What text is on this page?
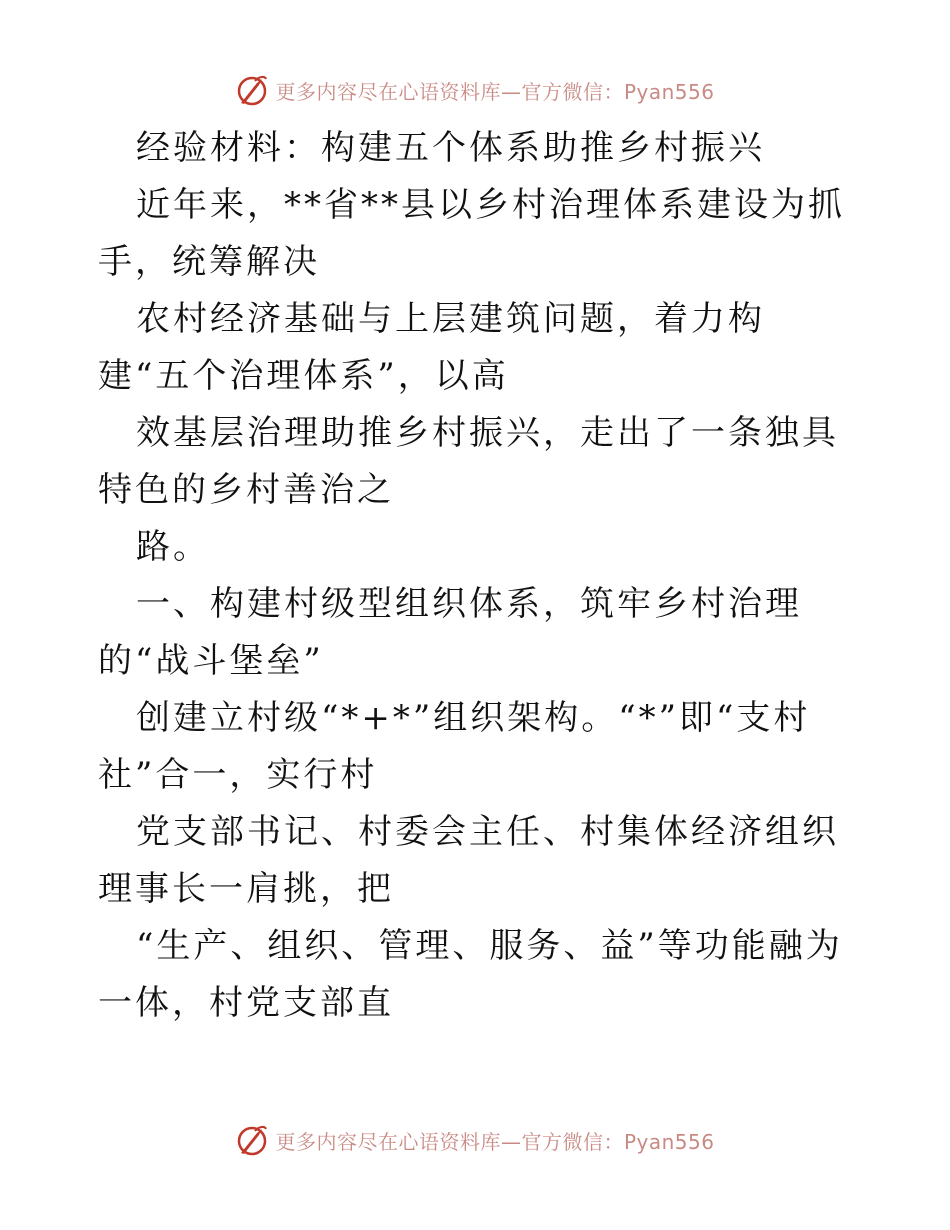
更多内容尽在心语资料库—官方微信：Pyan556

经验材料：构建五个体系助推乡村振兴

近年来，**省**县以乡村治理体系建设为抓手，统筹解决

农村经济基础与上层建筑问题，着力构建“五个治理体系”，以高

效基层治理助推乡村振兴，走出了一条独具特色的乡村善治之

路。

一、构建村级型组织体系，筑牢乡村治理的“战斗堡垒”

创建立村级“*+*”组织架构。“*”即“支村社”合一，实行村

党支部书记、村委会主任、村集体经济组织理事长一肩挑，把

“生产、组织、管理、服务、益”等功能融为一体，村党支部直

更多内容尽在心语资料库—官方微信：Pyan556
